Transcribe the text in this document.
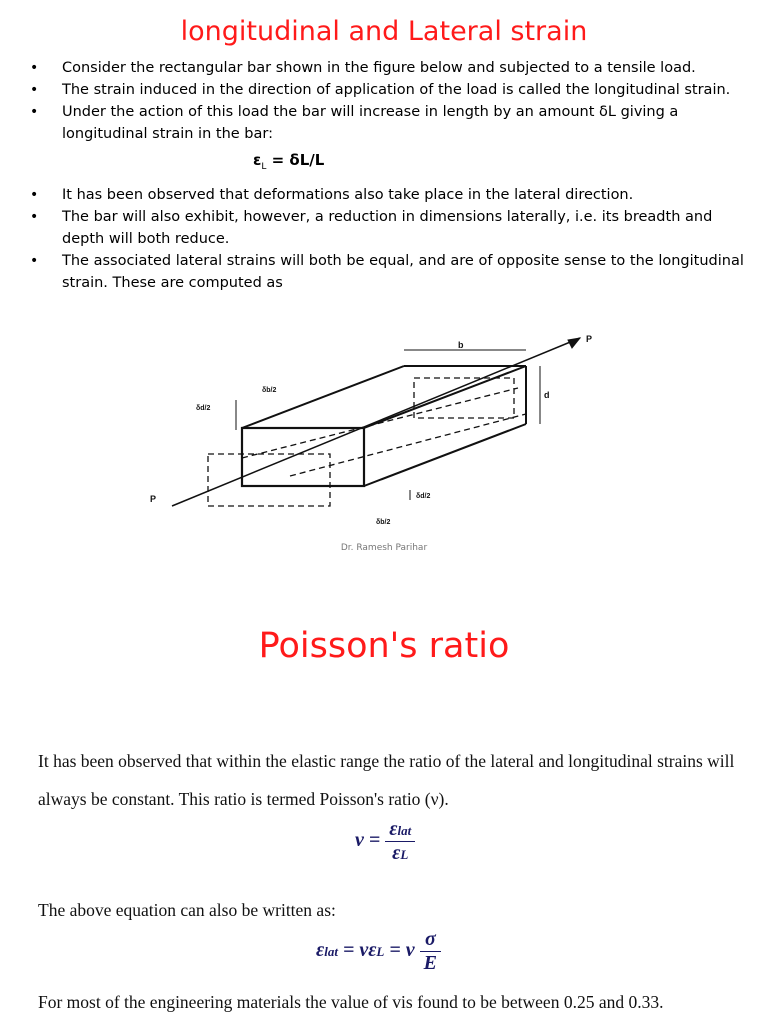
longitudinal and Lateral strain
• Consider the rectangular bar shown in the figure below and subjected to a tensile load.
• The strain induced in the direction of application of the load is called the longitudinal strain.
• Under the action of this load the bar will increase in length by an amount δL giving a longitudinal strain in the bar:
$\varepsilon_L = \delta L/L$
• It has been observed that deformations also take place in the lateral direction.
• The bar will also exhibit, however, a reduction in dimensions laterally, i.e. its breadth and depth will both reduce.
• The associated lateral strains will both be equal, and are of opposite sense to the longitudinal strain. These are computed as
P
P
b
d
δb/2
δd/2
δd/2
δb/2
Dr. Ramesh Parihar
Poisson's ratio
It has been observed that within the elastic range the ratio of the lateral and longitudinal strains will always be constant. This ratio is termed Poisson's ratio (ν).
$\nu = \frac{\text{εlat}}{\varepsilon L}$
The above equation can also be written as:
εlat = νεL = ν $\frac{\sigma}{E}$
For most of the engineering materials the value of vis found to be between 0.25 and 0.33.
